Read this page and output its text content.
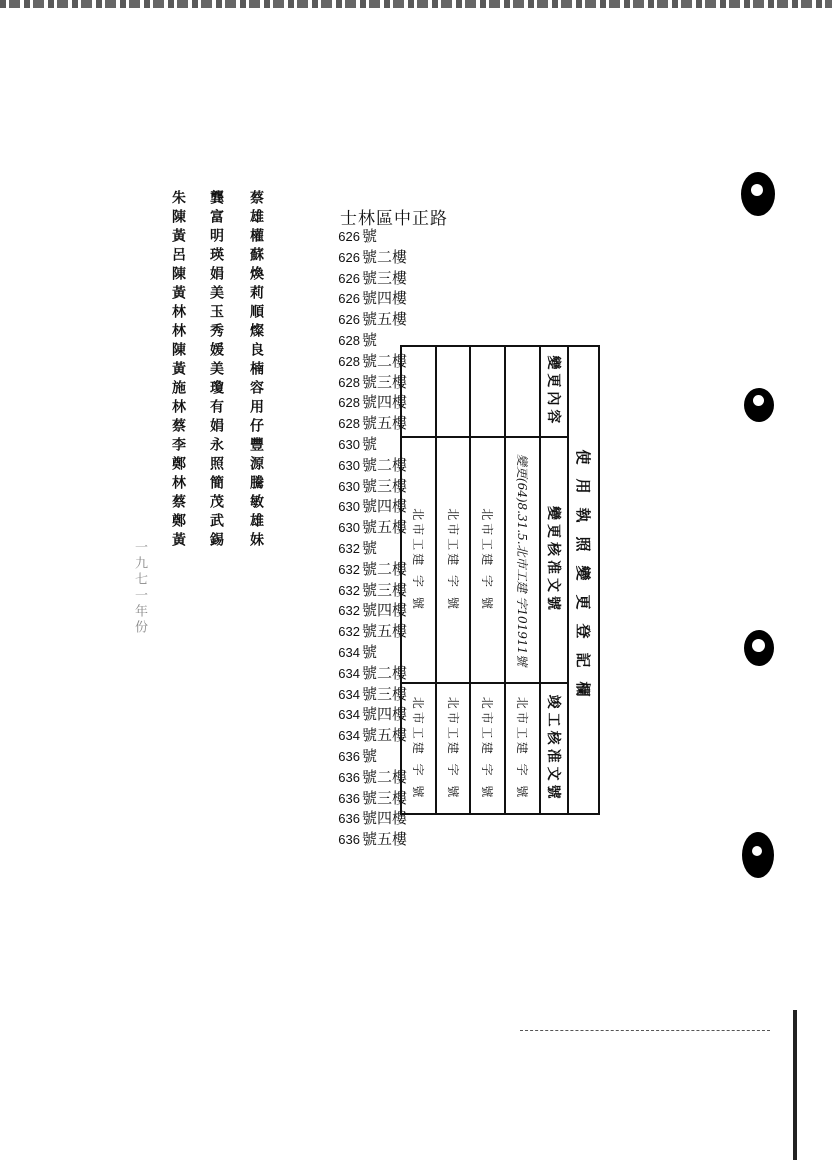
蔡雄權蘇煥莉順燦良楠容用仔豐源騰敏雄妹
龔富明瑛娟美玉秀媛美瓊有娟永照簡茂武錫
朱陳黃呂陳黃林林陳黃施林蔡李鄭林蔡鄭黃
一九七一年份
士林區中正路
626 號
626 號二樓
626 號三樓
626 號四樓
626 號五樓
628 號
628 號二樓
628 號三樓
628 號四樓
628 號五樓
630 號
630 號二樓
630 號三樓
630 號四樓
630 號五樓
632 號
632 號二樓
632 號三樓
632 號四樓
632 號五樓
634 號
634 號二樓
634 號三樓
634 號四樓
634 號五樓
636 號
636 號二樓
636 號三樓
636 號四樓
636 號五樓
使用執照變更登記欄		
變更內容	變更核准文號	竣工核准文號
	變更(64)8.31.5.北市工建 字101911號	北市工建 字 號
	北市工建 字 號	北市工建 字 號
	北市工建 字 號	北市工建 字 號
	北市工建 字 號	北市工建 字 號
